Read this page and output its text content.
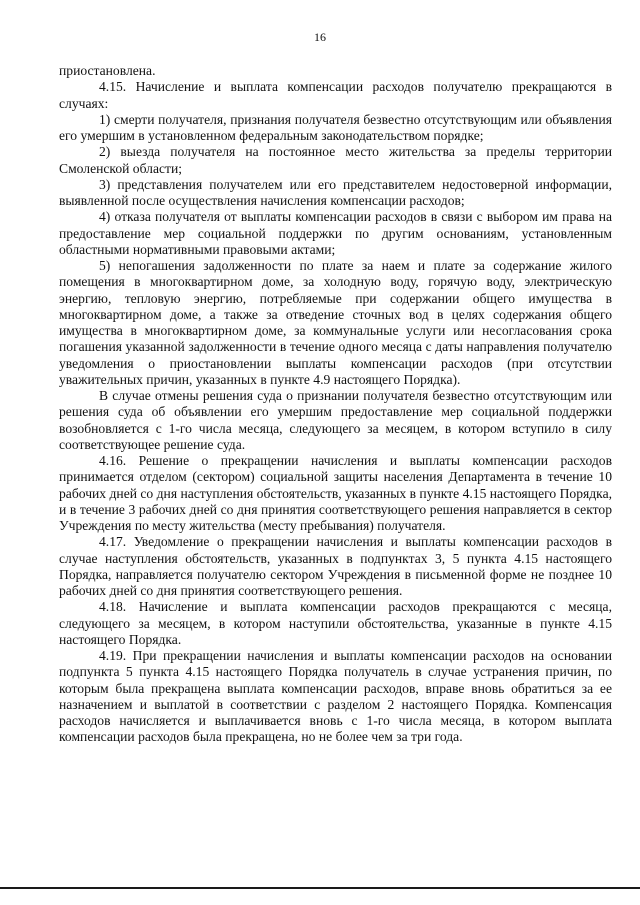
16

приостановлена.

4.15. Начисление и выплата компенсации расходов получателю прекращаются в случаях:

1) смерти получателя, признания получателя безвестно отсутствующим или объявления его умершим в установленном федеральным законодательством порядке;

2) выезда получателя на постоянное место жительства за пределы территории Смоленской области;

3) представления получателем или его представителем недостоверной информации, выявленной после осуществления начисления компенсации расходов;

4) отказа получателя от выплаты компенсации расходов в связи с выбором им права на предоставление мер социальной поддержки по другим основаниям, установленным областными нормативными правовыми актами;

5) непогашения задолженности по плате за наем и плате за содержание жилого помещения в многоквартирном доме, за холодную воду, горячую воду, электрическую энергию, тепловую энергию, потребляемые при содержании общего имущества в многоквартирном доме, а также за отведение сточных вод в целях содержания общего имущества в многоквартирном доме, за коммунальные услуги или несогласования срока погашения указанной задолженности в течение одного месяца с даты направления получателю уведомления о приостановлении выплаты компенсации расходов (при отсутствии уважительных причин, указанных в пункте 4.9 настоящего Порядка).

В случае отмены решения суда о признании получателя безвестно отсутствующим или решения суда об объявлении его умершим предоставление мер социальной поддержки возобновляется с 1-го числа месяца, следующего за месяцем, в котором вступило в силу соответствующее решение суда.

4.16. Решение о прекращении начисления и выплаты компенсации расходов принимается отделом (сектором) социальной защиты населения Департамента в течение 10 рабочих дней со дня наступления обстоятельств, указанных в пункте 4.15 настоящего Порядка, и в течение 3 рабочих дней со дня принятия соответствующего решения направляется в сектор Учреждения по месту жительства (месту пребывания) получателя.

4.17. Уведомление о прекращении начисления и выплаты компенсации расходов в случае наступления обстоятельств, указанных в подпунктах 3, 5 пункта 4.15 настоящего Порядка, направляется получателю сектором Учреждения в письменной форме не позднее 10 рабочих дней со дня принятия соответствующего решения.

4.18. Начисление и выплата компенсации расходов прекращаются с месяца, следующего за месяцем, в котором наступили обстоятельства, указанные в пункте 4.15 настоящего Порядка.

4.19. При прекращении начисления и выплаты компенсации расходов на основании подпункта 5 пункта 4.15 настоящего Порядка получатель в случае устранения причин, по которым была прекращена выплата компенсации расходов, вправе вновь обратиться за ее назначением и выплатой в соответствии с разделом 2 настоящего Порядка. Компенсация расходов начисляется и выплачивается вновь с 1-го числа месяца, в котором выплата компенсации расходов была прекращена, но не более чем за три года.
